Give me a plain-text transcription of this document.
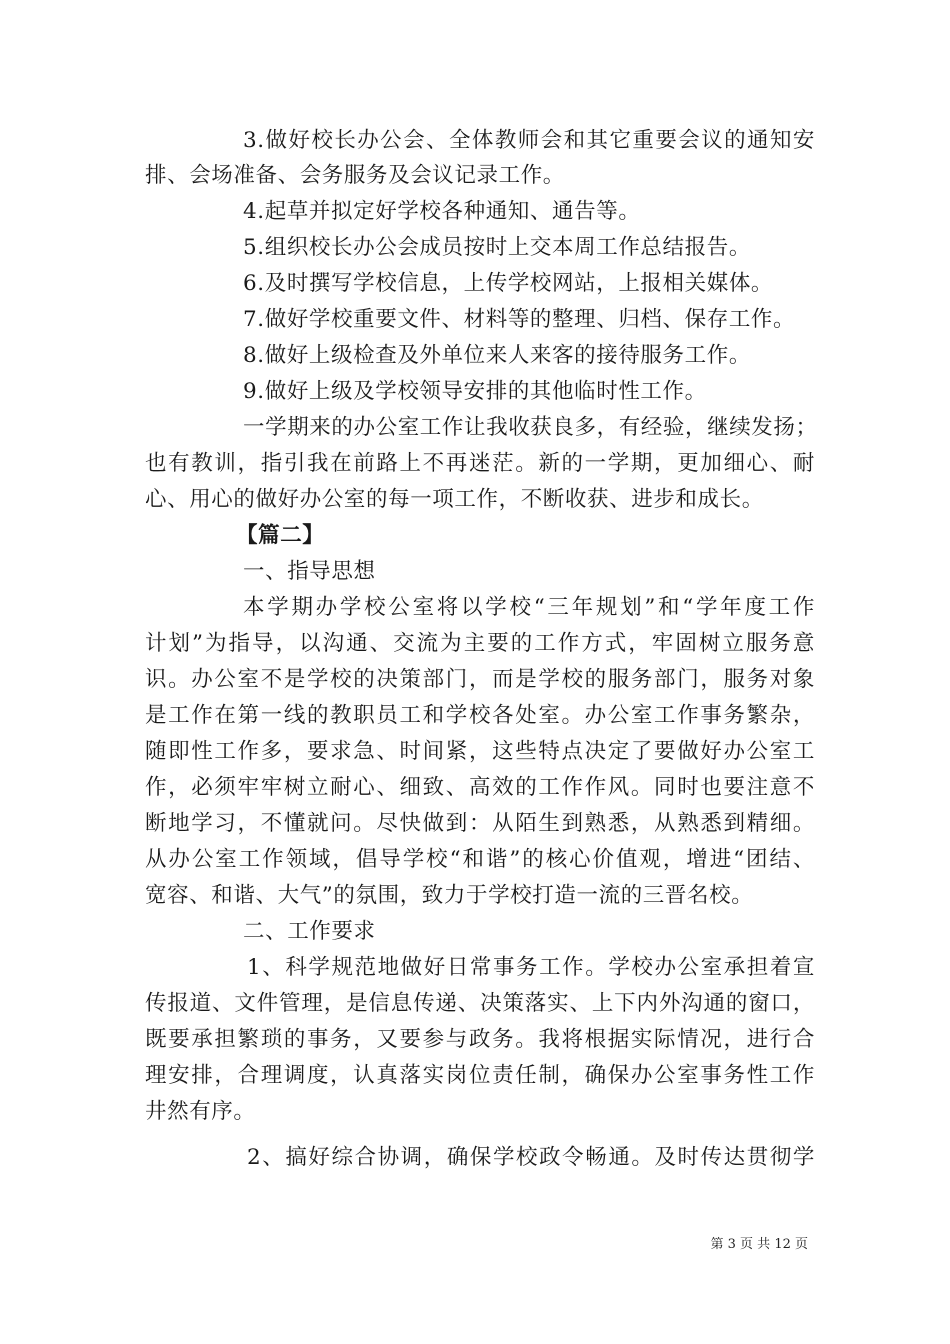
3.做好校长办公会、全体教师会和其它重要会议的通知安
排、会场准备、会务服务及会议记录工作。
4.起草并拟定好学校各种通知、通告等。
5.组织校长办公会成员按时上交本周工作总结报告。
6.及时撰写学校信息，上传学校网站，上报相关媒体。
7.做好学校重要文件、材料等的整理、归档、保存工作。
8.做好上级检查及外单位来人来客的接待服务工作。
9.做好上级及学校领导安排的其他临时性工作。
一学期来的办公室工作让我收获良多，有经验，继续发扬；
也有教训，指引我在前路上不再迷茫。新的一学期，更加细心、耐
心、用心的做好办公室的每一项工作，不断收获、进步和成长。
【篇二】
一、指导思想
本学期办学校公室将以学校“三年规划”和“学年度工作
计划”为指导，以沟通、交流为主要的工作方式，牢固树立服务意
识。办公室不是学校的决策部门，而是学校的服务部门，服务对象
是工作在第一线的教职员工和学校各处室。办公室工作事务繁杂，
随即性工作多，要求急、时间紧，这些特点决定了要做好办公室工
作，必须牢牢树立耐心、细致、高效的工作作风。同时也要注意不
断地学习，不懂就问。尽快做到：从陌生到熟悉，从熟悉到精细。
从办公室工作领域，倡导学校“和谐”的核心价值观，增进“团结、
宽容、和谐、大气”的氛围，致力于学校打造一流的三晋名校。
二、工作要求
1、科学规范地做好日常事务工作。学校办公室承担着宣
传报道、文件管理，是信息传递、决策落实、上下内外沟通的窗口，
既要承担繁琐的事务，又要参与政务。我将根据实际情况，进行合
理安排，合理调度，认真落实岗位责任制，确保办公室事务性工作
井然有序。
2、搞好综合协调，确保学校政令畅通。及时传达贯彻学
第 3 页 共 12 页
